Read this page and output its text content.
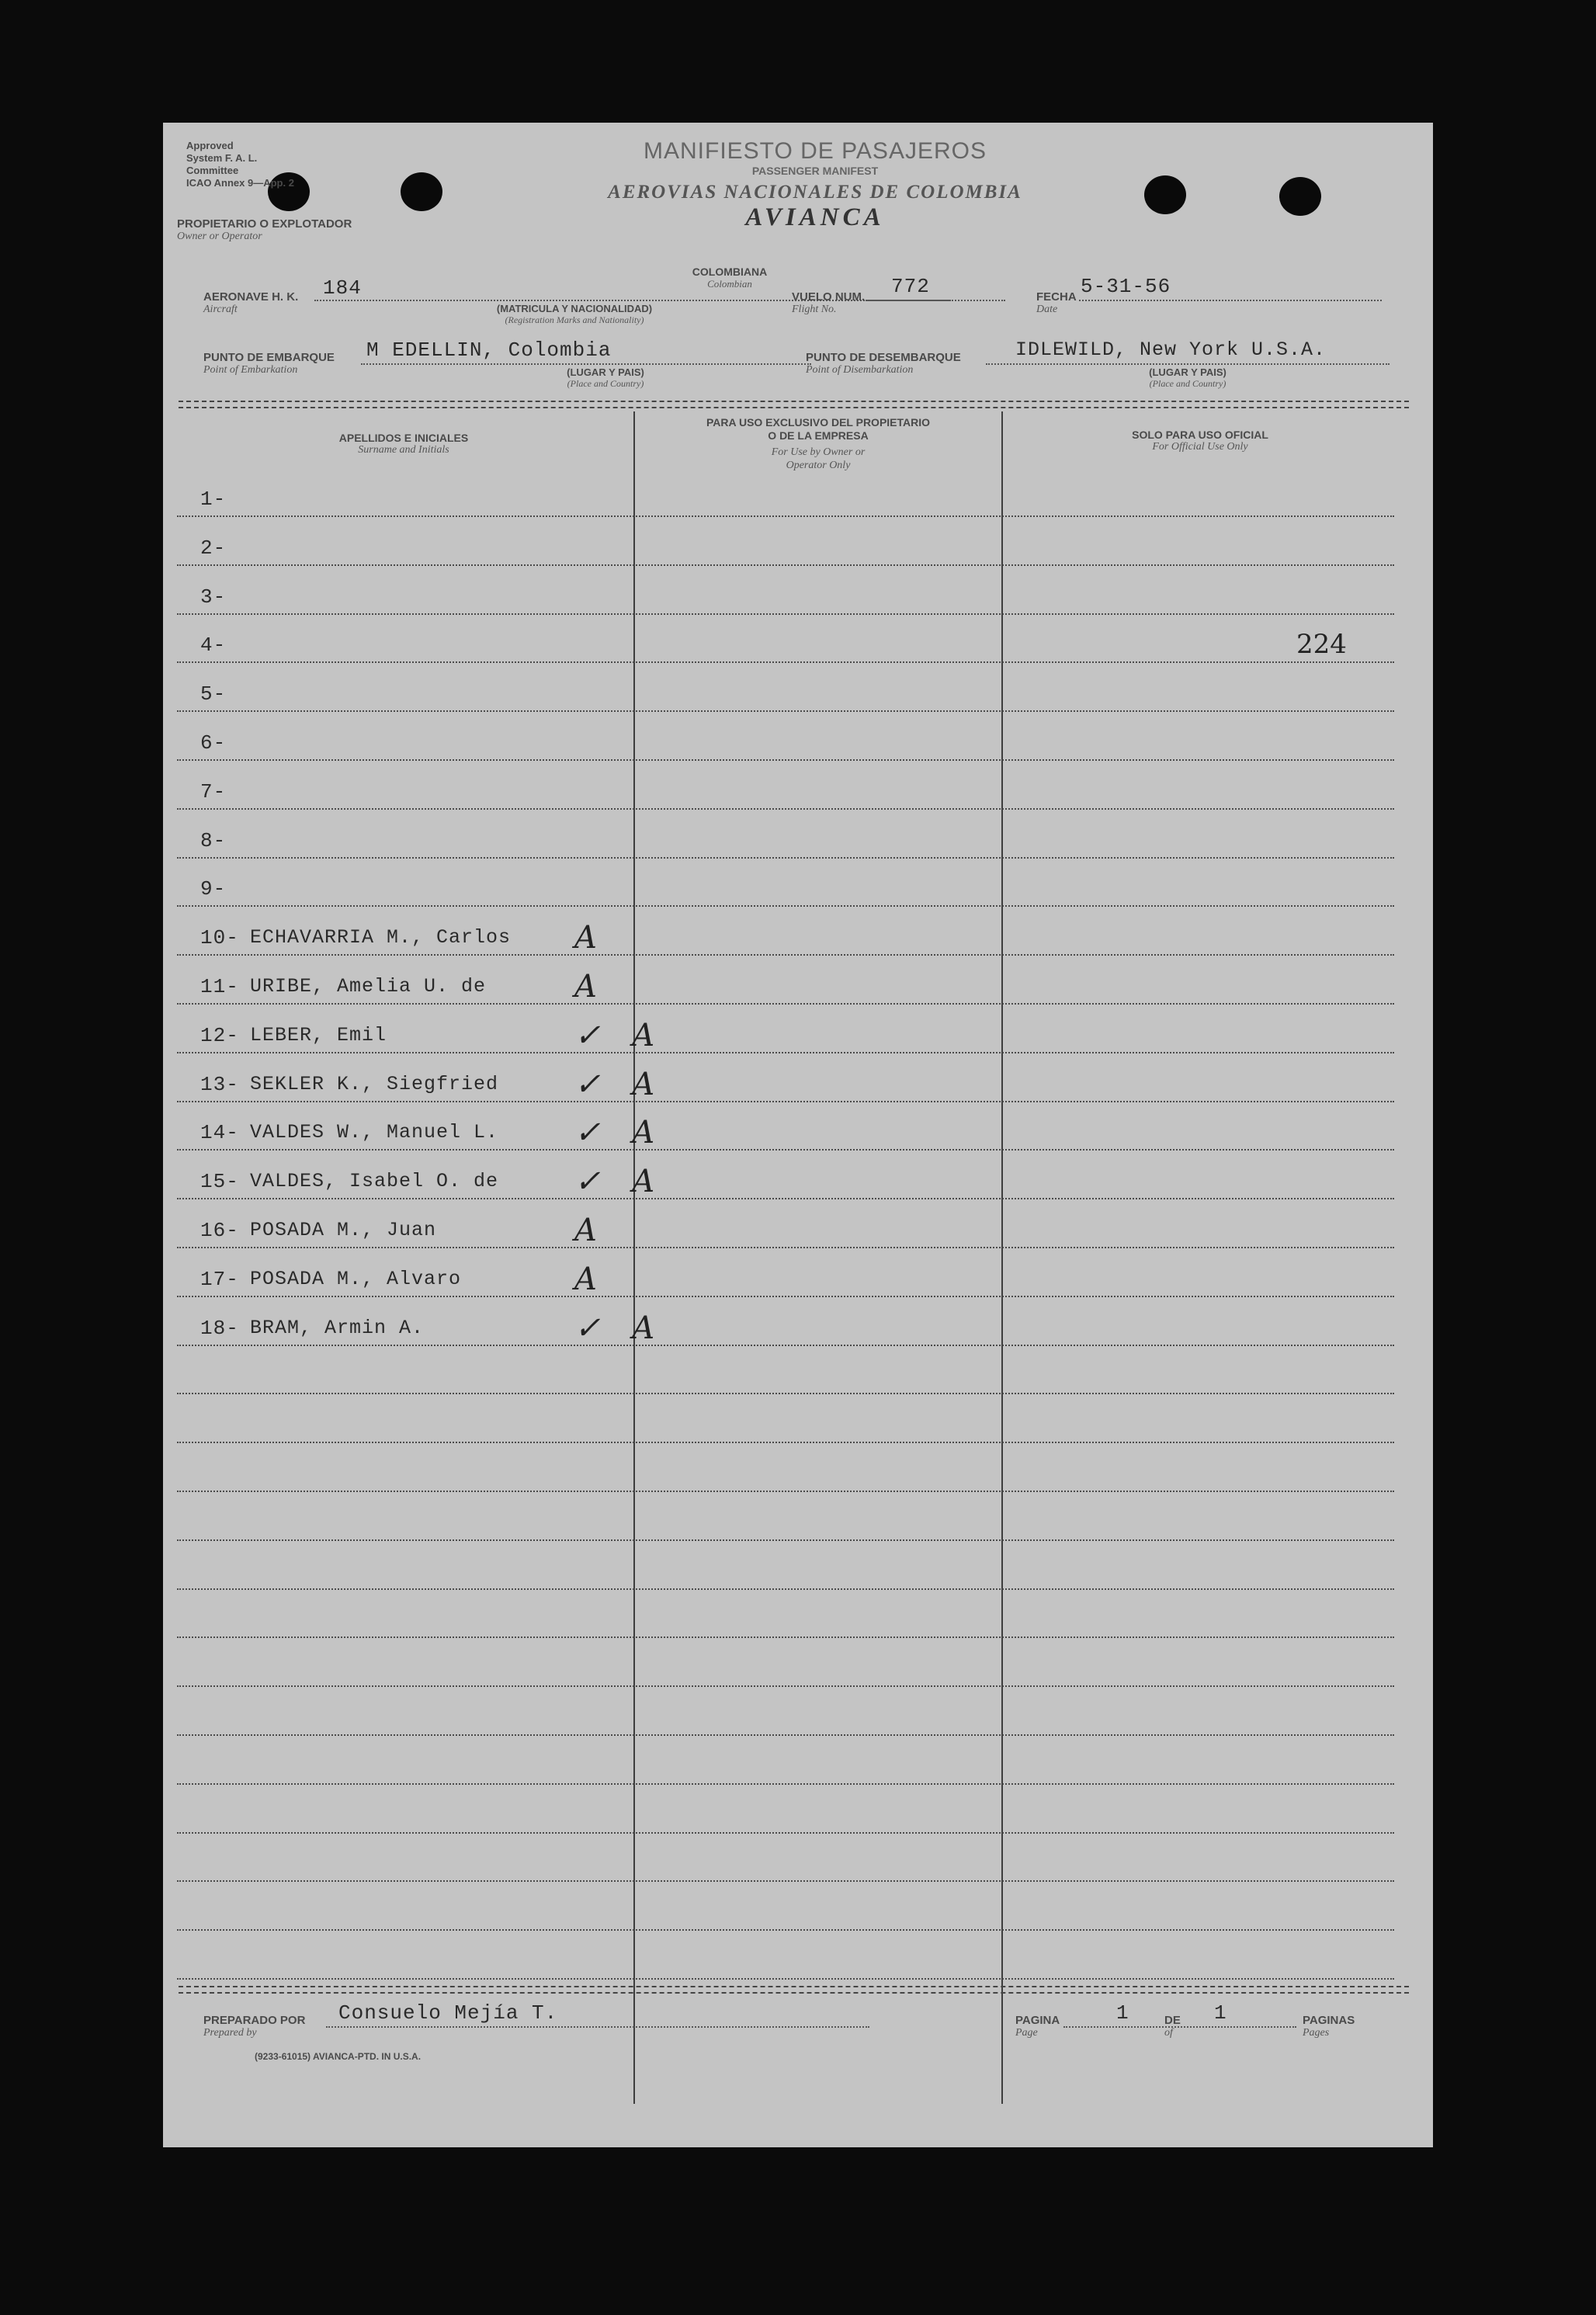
Approved
System F. A. L. Committee
ICAO Annex 9—App. 2
MANIFIESTO DE PASAJEROS
PASSENGER MANIFEST
AEROVIAS NACIONALES DE COLOMBIA
AVIANCA
PROPIETARIO O EXPLOTADOR
Owner or Operator
AERONAVE H. K.
Aircraft
184
COLOMBIANA
Colombian
(MATRICULA Y NACIONALIDAD)
(Registration Marks and Nationality)
VUELO NUM.
Flight No.
772	FECHA
Date
5-31-56
PUNTO DE EMBARQUE
Point of Embarkation
M EDELLIN, Colombia
(LUGAR Y PAIS)
(Place and Country)
PUNTO DE DESEMBARQUE
Point of Disembarkation
IDLEWILD, New York U.S.A.
(LUGAR Y PAIS)
(Place and Country)
APELLIDOS E INICIALES
Surname and Initials
PARA USO EXCLUSIVO DEL PROPIETARIO
O DE LA EMPRESA
For Use by Owner or
Operator Only
SOLO PARA USO OFICIAL
For Official Use Only
1-
2-
3-
4-	224
5-
6-
7-
8-
9-
10- ECHAVARRIA M., Carlos A
11- URIBE, Amelia U. de	A
12- LEBER, Emil	✓ A
13- SEKLER K., Siegfried ✓ A
14- VALDES W., Manuel L. ✓ A
15- VALDES, Isabel O. de ✓ A
16- POSADA M., Juan	A
17- POSADA M., Alvaro	A
18- BRAM, Armin A.	✓ A
PREPARADO POR
Prepared by
Consuelo Mejía T.	PAGINA
Page
1	DE
of
1	PAGINAS
Pages
(9233-61015) AVIANCA-PTD. IN U.S.A.
